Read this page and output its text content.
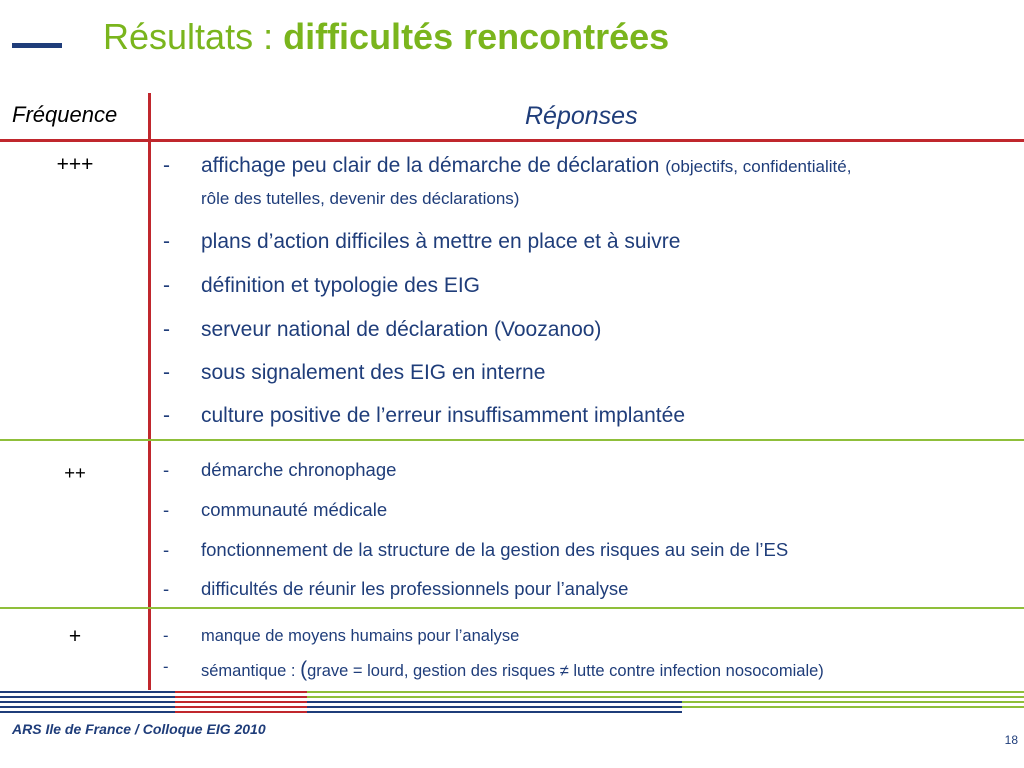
Résultats : difficultés rencontrées
Fréquence	Réponses
+++	- affichage peu clair de la démarche de déclaration (objectifs, confidentialité,
rôle des tutelles, devenir des déclarations)
- plans d’action difficiles à mettre en place et à suivre
- définition et typologie des EIG
- serveur national de déclaration (Voozanoo)
- sous signalement des EIG en interne
- culture positive de l’erreur insuffisamment implantée
++	- démarche chronophage
- communauté médicale
- fonctionnement de la structure de la gestion des risques au sein de l’ES
- difficultés de réunir les professionnels pour l’analyse
+	- manque de moyens humains pour l’analyse
- sémantique : (grave = lourd, gestion des risques ≠ lutte contre infection nosocomiale)
ARS Ile de France / Colloque EIG 2010
18
